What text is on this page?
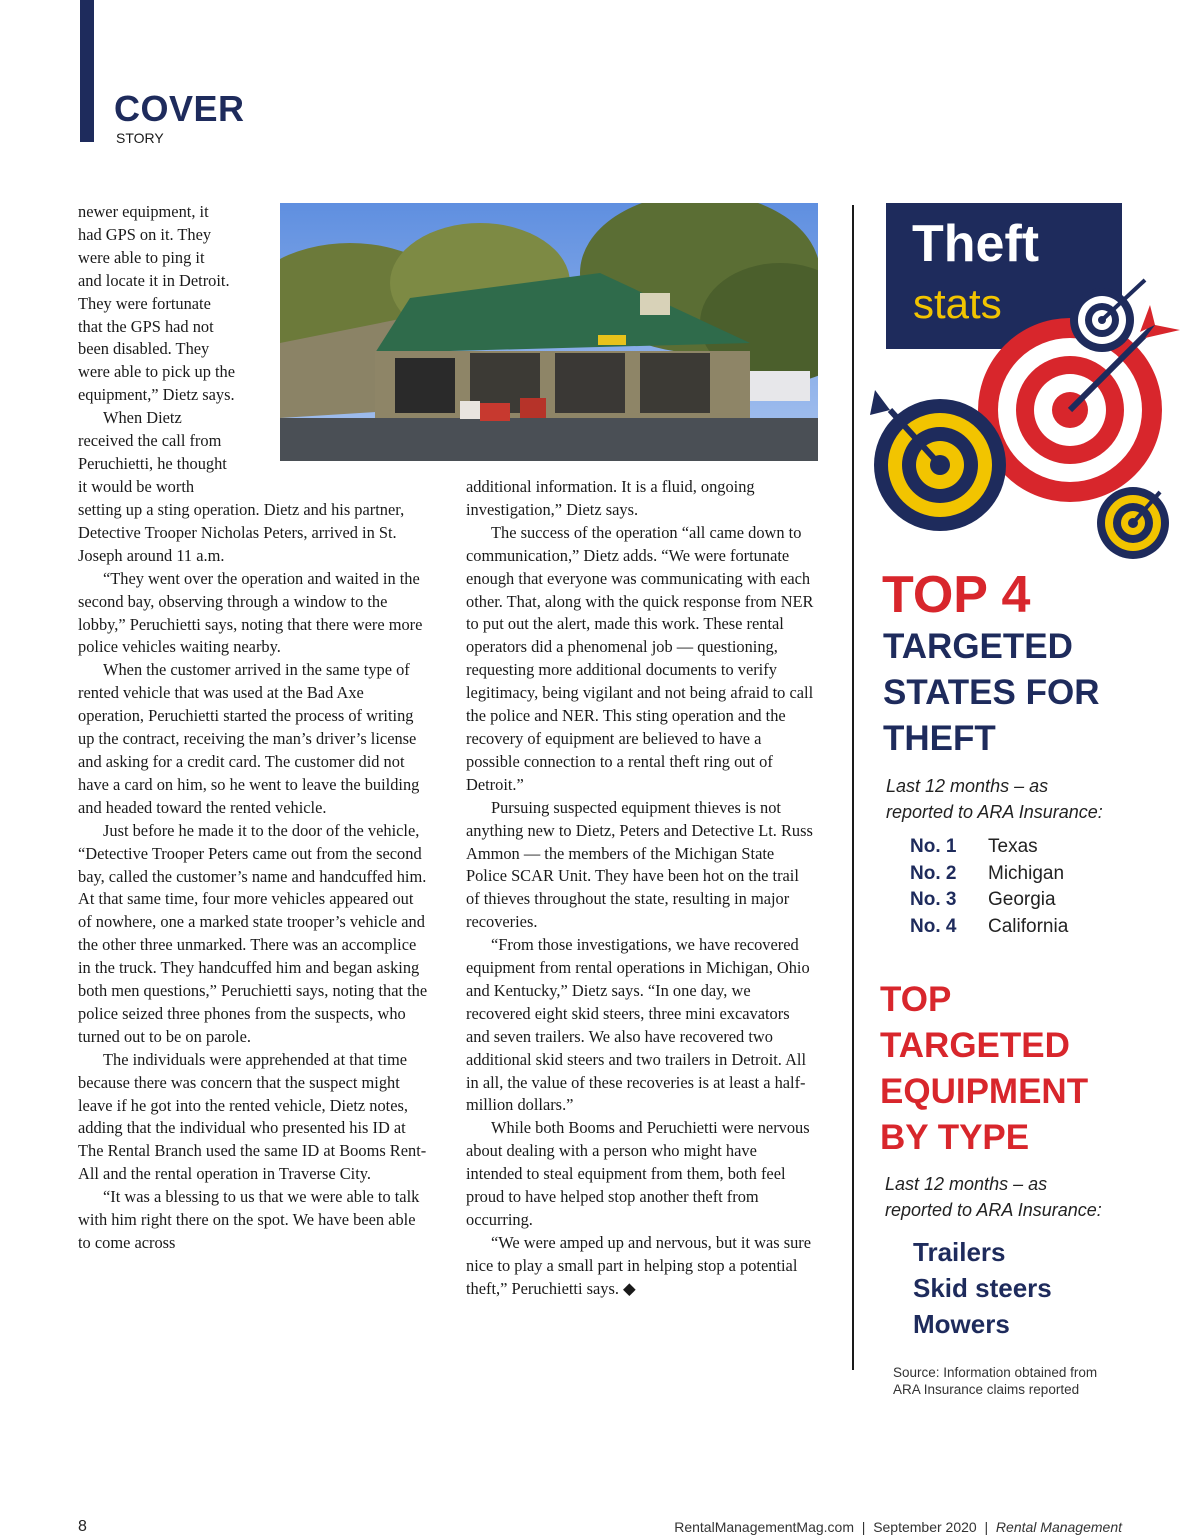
COVER
STORY

newer equipment, it

had GPS on it. They

were able to ping it

and locate it in Detroit.

They were fortunate

that the GPS had not

been disabled. They

were able to pick up the

equipment,” Dietz says.

When Dietz

received the call from

Peruchietti, he thought

it would be worth

setting up a sting operation. Dietz and his partner, Detective Trooper Nicholas Peters, arrived in St. Joseph around 11 a.m.

“They went over the operation and waited in the second bay, observing through a window to the lobby,” Peruchietti says, noting that there were more police vehicles waiting nearby.

When the customer arrived in the same type of rented vehicle that was used at the Bad Axe operation, Peruchietti started the process of writing up the contract, receiving the man’s driver’s license and asking for a credit card. The customer did not have a card on him, so he went to leave the building and headed toward the rented vehicle.

Just before he made it to the door of the vehicle, “Detective Trooper Peters came out from the second bay, called the customer’s name and handcuffed him. At that same time, four more vehicles appeared out of nowhere, one a marked state trooper’s vehicle and the other three unmarked. There was an accomplice in the truck. They handcuffed him and began asking both men questions,” Peruchietti says, noting that the police seized three phones from the suspects, who turned out to be on parole.

The individuals were apprehended at that time because there was concern that the suspect might leave if he got into the rented vehicle, Dietz notes, adding that the individual who presented his ID at The Rental Branch used the same ID at Booms Rent-All and the rental operation in Traverse City.

“It was a blessing to us that we were able to talk with him right there on the spot. We have been able to come across

additional information. It is a fluid, ongoing investigation,” Dietz says.

The success of the operation “all came down to communication,” Dietz adds. “We were fortunate enough that everyone was communicating with each other. That, along with the quick response from NER to put out the alert, made this work. These rental operators did a phenomenal job — questioning, requesting more additional documents to verify legitimacy, being vigilant and not being afraid to call the police and NER. This sting operation and the recovery of equipment are believed to have a possible connection to a rental theft ring out of Detroit.”

Pursuing suspected equipment thieves is not anything new to Dietz, Peters and Detective Lt. Russ Ammon — the members of the Michigan State Police SCAR Unit. They have been hot on the trail of thieves throughout the state, resulting in major recoveries.

“From those investigations, we have recovered equipment from rental operations in Michigan, Ohio and Kentucky,” Dietz says. “In one day, we recovered eight skid steers, three mini excavators and seven trailers. We also have recovered two additional skid steers and two trailers in Detroit. All in all, the value of these recoveries is at least a half-million dollars.”

While both Booms and Peruchietti were nervous about dealing with a person who might have intended to steal equipment from them, both feel proud to have helped stop another theft from occurring.

“We were amped up and nervous, but it was sure nice to play a small part in helping stop a potential theft,” Peruchietti says. ◆

Theft
stats
TOP 4
TARGETED
STATES FOR
THEFT
Last 12 months – as
reported to ARA Insurance:
No. 1	Texas
No. 2	Michigan
No. 3	Georgia
No. 4	California
TOP
TARGETED
EQUIPMENT
BY TYPE
Last 12 months – as
reported to ARA Insurance:
Trailers
Skid steers
Mowers
Source: Information obtained from
ARA Insurance claims reported
8	RentalManagementMag.com  |  September 2020  |  Rental Management
